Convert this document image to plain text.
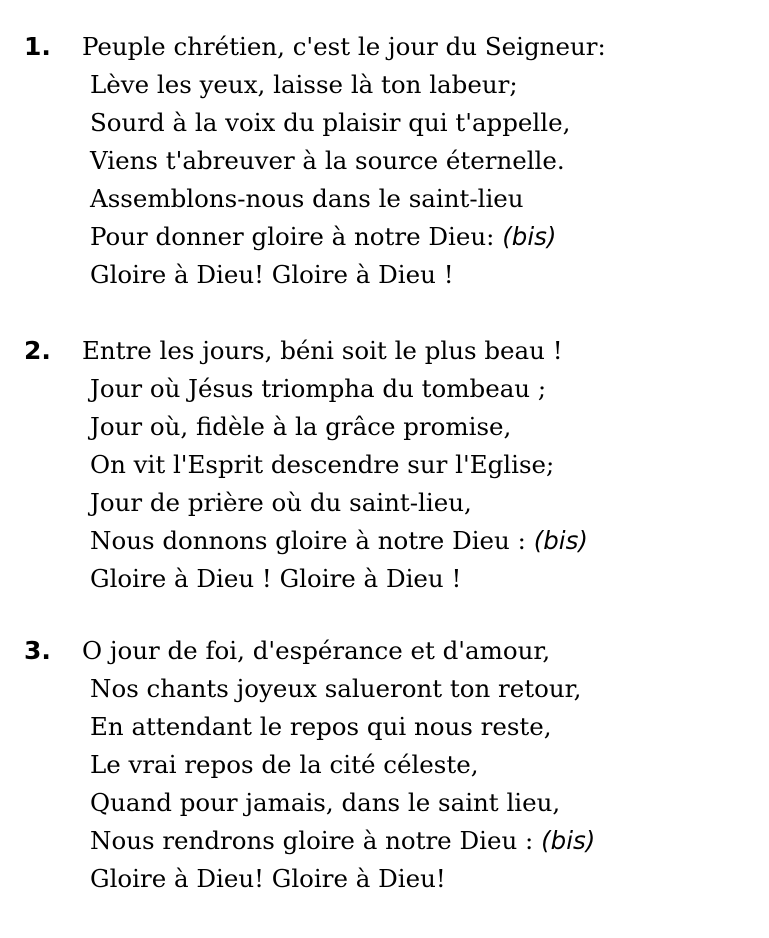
1. Peuple chrétien, c'est le jour du Seigneur:
Lève les yeux, laisse là ton labeur;
Sourd à la voix du plaisir qui t'appelle,
Viens t'abreuver à la source éternelle.
Assemblons-nous dans le saint-lieu
Pour donner gloire à notre Dieu: (bis)
Gloire à Dieu! Gloire à Dieu !
2. Entre les jours, béni soit le plus beau !
Jour où Jésus triompha du tombeau ;
Jour où, fidèle à la grâce promise,
On vit l'Esprit descendre sur l'Eglise;
Jour de prière où du saint-lieu,
Nous donnons gloire à notre Dieu : (bis)
Gloire à Dieu ! Gloire à Dieu !
3. O jour de foi, d'espérance et d'amour,
Nos chants joyeux salueront ton retour,
En attendant le repos qui nous reste,
Le vrai repos de la cité céleste,
Quand pour jamais, dans le saint lieu,
Nous rendrons gloire à notre Dieu : (bis)
Gloire à Dieu! Gloire à Dieu!
